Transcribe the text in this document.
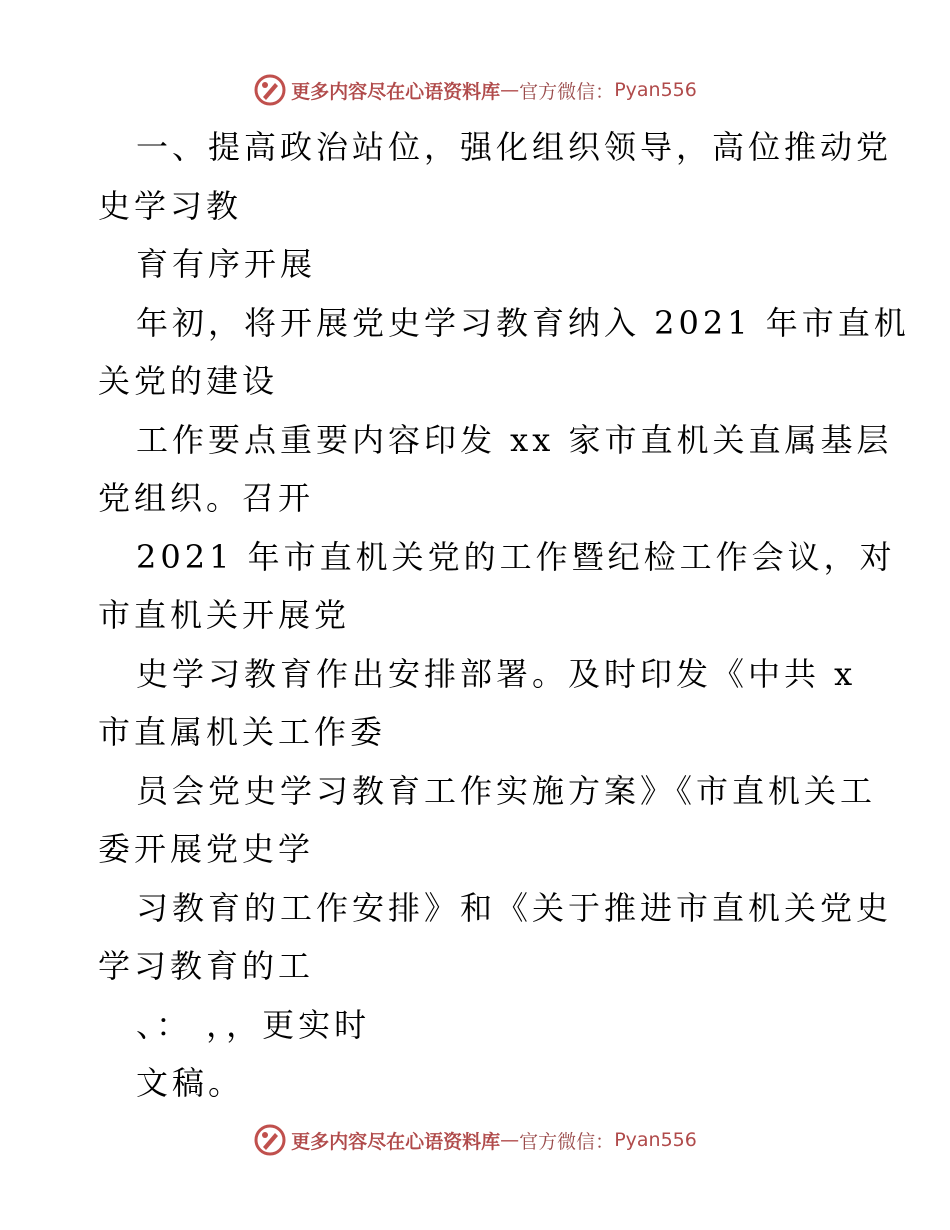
更多内容尽在心语资料库 — 官方微信： Pyan556
一、提高政治站位，强化组织领导，高位推动党
史学习教
育有序开展
年初，将开展党史学习教育纳入 2021 年市直机
关党的建设
工作要点重要内容印发 xx 家市直机关直属基层
党组织。召开
2021 年市直机关党的工作暨纪检工作会议，对
市直机关开展党
史学习教育作出安排部署。及时印发《中共 x
市直属机关工作委
员会党史学习教育工作实施方案》《市直机关工
委开展党史学
习教育的工作安排》和《关于推进市直机关党史
学习教育的工
、： ，，更实时
文稿。
更多内容尽在心语资料库 — 官方微信： Pyan556
